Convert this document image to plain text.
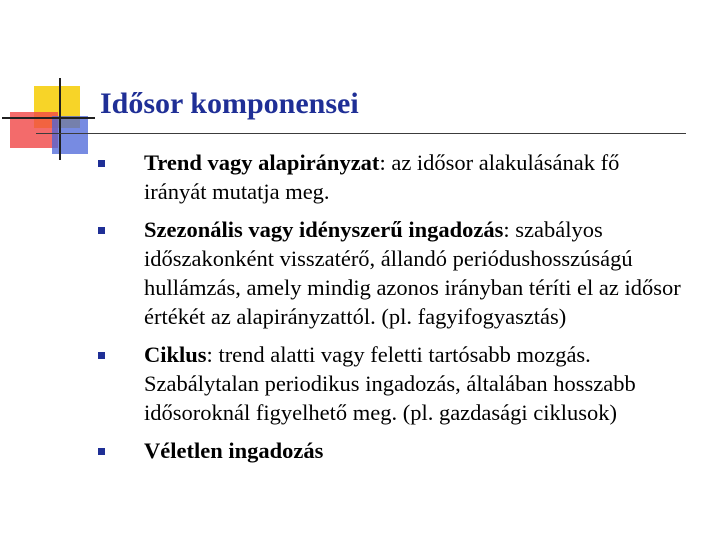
Idősor komponensei
Trend vagy alapirányzat: az idősor alakulásának fő irányát mutatja meg.
Szezonális vagy idényszerű ingadozás: szabályos időszakonként visszatérő, állandó periódushosszúságú hullámzás, amely mindig azonos irányban téríti el az idősor értékét az alapirányzattól. (pl. fagyifogyasztás)
Ciklus: trend alatti vagy feletti tartósabb mozgás. Szabálytalan periodikus ingadozás, általában hosszabb idősoroknál figyelhető meg. (pl. gazdasági ciklusok)
Véletlen ingadozás
